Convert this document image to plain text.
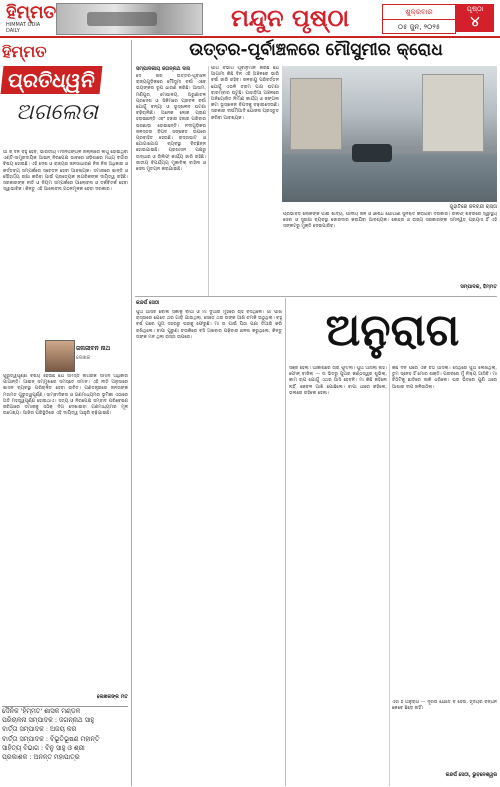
ହିମ୍ମତ
HIMMAT ODIA DAILY	ମନ୍ଦୁନ ପୃଷ୍ଠା	ଶୁକ୍ରବାର
୦୫ ଜୁନ, ୨୦୨୫
ପୃଷ୍ଠା
୪
ହିମ୍ମତ
ପ୍ରତିଧ୍ୱନି
ଅଗଲେତା
ଆ ଜ୍ ଦିନ ବହୁ ହେବ, ଭାରତୀୟ ମଦନପିଙ୍ଗଳ ଜିଲ୍ଲାରେ ଲାଗୁ ହୋଇଥିବା ଏଣ୍ଟି-ସାମ୍ପ୍ରଦାୟିକ ଆଇନ୍ ନିରପେକ୍ଷ ଭାବରେ ଓଡ଼ିଶାରେ ମଧ୍ୟ ଚର୍ଚ୍ଚାର ବିଷୟ ହୋଇଛି। ଏହି ଦେଶ ଓ ରାଜ୍ୟର ଜନସାଧାରଣ ନିଜ ନିଜ ଅଧିକାର ଓ କର୍ତ୍ତବ୍ୟ ସମ୍ପର୍କରେ ସଚେତନ ହେବା ଆବଶ୍ୟକ। ସମାଜରେ ଶାନ୍ତି ଓ ସୌହାର୍ଦ୍ଦ୍ୟ ରକ୍ଷା କରିବା ପାଇଁ ପ୍ରତ୍ୟେକ ନାଗରିକଙ୍କ ଦାୟିତ୍ୱ ରହିଛି। ସରକାରଙ୍କ ନୀତି ଓ ନିୟମ ସମ୍ପର୍କରେ ଆଲୋଚନା ଓ ତର୍କବିତର୍କ ହେବା ସ୍ୱାଭାବିକ। କିନ୍ତୁ ଏହି ଆଲୋଚନା ଗଠନମୂଳକ ହେବା ଦରକାର।
ଜନାଜୀବନ ନାଥ
ଲେଖକ
ଗୁରୁତ୍ୱପୂର୍ଣ୍ଣ ବିଷୟ ହେଉଛି ଯେ ସମସ୍ତ ନାଗରିକ ସମାନ ଅଧିକାର ପାଆନ୍ତି। ଆଇନ୍ ସମ୍ମୁଖରେ ସମସ୍ତେ ସମାନ। ଏହି ନୀତି ଅନୁସାରେ ଶାସନ ବ୍ୟବସ୍ଥା ପରିଚାଳିତ ହେବା ଉଚିତ। ଗଣତନ୍ତ୍ରରେ ଜନତାଙ୍କ ମତାମତ ଗୁରୁତ୍ୱପୂର୍ଣ୍ଣ। ସାମ୍ବାଦିକତା ଓ ଗଣମାଧ୍ୟମର ଭୂମିକା ଏଠାରେ ଅତି ମହତ୍ତ୍ୱପୂର୍ଣ୍ଣ ହୋଇଥାଏ। ସତ୍ୟ ଓ ନିରପେକ୍ଷ ସମ୍ବାଦ ପରିବେଷଣ ଜରିଆରେ ସମାଜକୁ ସଠିକ୍ ଦିଗ ଦେଖାଇବା ଗଣମାଧ୍ୟମର ମୂଳ ଉଦ୍ଦେଶ୍ୟ। ଆଜିର ପରିସ୍ଥିତିରେ ଏହି ଦାୟିତ୍ୱ ଆହୁରି ବଢ଼ିଯାଇଛି।
ଲେଖକଙ୍କ ମତ
ଦୈନିକ 'ହିମ୍ମତ' ଶାସକ ମଣ୍ଡଳ
ପରିଚାଳନା ସମ୍ପାଦକ : ଜଗନ୍ନାଥ ସାହୁ
ବାର୍ତ୍ତା ସମ୍ପାଦକ : ଅଜୟ କର
ବାର୍ତ୍ତା ସମ୍ପାଦକ : ବିଭୂତିଭୂଷଣ ମହାନ୍ତି
ସାହିତ୍ୟ ବିଭାଗ : ବିନୁ ସାହୁ ଓ ଶ୍ରୀ
ପ୍ରକାଶକ : ଅନନ୍ତ ମହାପାତ୍ର
ଉତ୍ତର-ପୂର୍ବାଞ୍ଚଳରେ ମୌସୁମୀର କ୍ରୋଧ
ସମ୍ପାଦକୀୟ ଜଗନ୍ନାଥ ଦାସ
ଦେ ଶର ଉତ୍ତର-ପୂର୍ବାଞ୍ଚଳ ରାଜ୍ୟଗୁଡ଼ିକରେ ମୌସୁମୀ ବର୍ଷା ଏବେ ଭୟଙ୍କର ରୂପ ଧାରଣ କରିଛି। ଆସାମ, ମଣିପୁର, ମେଘାଳୟ, ଅରୁଣାଚଳ ପ୍ରଦେଶ ଓ ସିକିମରେ ପ୍ରବଳ ବର୍ଷା ଯୋଗୁଁ ବନ୍ୟା ଓ ଭୂସ୍ଖଳନ ଘଟଣା ବଢ଼ିଚାଲିଛି। ଅନେକ ଲୋକ ପ୍ରାଣ ହରାଇଛନ୍ତି ଏବଂ ହଜାର ହଜାର ପରିବାର ଘରଛାଡ଼ା ହୋଇଛନ୍ତି। ନଦୀଗୁଡ଼ିକର ଜଳସ୍ତର ବିପଦ ସଙ୍କେତ ଉପରେ ପ୍ରବାହିତ ହେଉଛି। ରାସ୍ତାଘାଟ ଓ ଯୋଗାଯୋଗ ବ୍ୟବସ୍ଥା ବିଚ୍ଛିନ୍ନ ହୋଇଯାଇଛି। ପ୍ରଶାସନ ପକ୍ଷରୁ ଉଦ୍ଧାର ଓ ରିଲିଫ୍ କାର୍ଯ୍ୟ ଜାରି ରହିଛି। ଜାତୀୟ ବିପର୍ଯ୍ୟୟ ମୁକାବିଲା ବାହିନୀ ଓ ସେନା ମୁତୟନ କରାଯାଇଛି।
ପାଗ ବିଭାଗ ପୂର୍ବାନୁମାନ କରିଛି ଯେ ଆଗାମୀ କିଛି ଦିନ ଏହି ଅଞ୍ଚଳରେ ଭାରି ବର୍ଷା ଜାରି ରହିବ। ଜଳବାୟୁ ପରିବର୍ତ୍ତନ ଯୋଗୁଁ ଏଭଳି ଚରମ ପାଗ ଘଟଣା ବାରମ୍ବାର ଘଟୁଛି। ପାହାଡ଼ିଆ ଅଞ୍ଚଳରେ ଅନିୟୋଜିତ ନିର୍ମାଣ କାର୍ଯ୍ୟ ଓ ଜଙ୍ଗଲ କଟା ଭୂସ୍ଖଳନ ବିପଦକୁ ବଢ଼ାଇଦେଉଛି। ସରକାର ଦୀର୍ଘମିଆଦି ଯୋଜନା ପ୍ରସ୍ତୁତ କରିବା ଆବଶ୍ୟକ।
ଗୁହାଟିରେ ଜଳବନ୍ଦୀ ରାସ୍ତା
ପ୍ରଭାବିତ ଲୋକଙ୍କ ପାଇଁ ଖାଦ୍ୟ, ପାନୀୟ ଜଳ ଓ ଔଷଧ ଯୋଗାଣ ସୁନିଶ୍ଚିତ କରାଯିବା ଦରକାର। ରିଲିଫ୍ ଶିବିରରେ ସ୍ୱାସ୍ଥ୍ୟ ସେବା ଓ ସୁରକ୍ଷା ବ୍ୟବସ୍ଥା ଜୋରଦାର କରାଯିବା ଆବଶ୍ୟକ। କେନ୍ଦ୍ର ଓ ରାଜ୍ୟ ସରକାରଙ୍କ ସମନ୍ୱିତ ପ୍ରୟାସ ହିଁ ଏହି ସଙ୍କଟରୁ ମୁକ୍ତି ଦେଇପାରିବ।
ସମ୍ପାଦକ, ହିମ୍ମତ
କନ୍ଦର୍ପ ସେଠୀ
ପୁଅ ଆସିବ ବୋଲି ସକାଳୁ ବାପା ଓ ମା ଦୁଆର ମୁହଁରେ ଚାହିଁ ବସିଥିଲେ। ଗାଁ ପାଖ ରାସ୍ତାରେ ଯେତେ ଥର ଗାଡ଼ି ଯାଉଥିଲା, ସେତେ ଥର ତାଙ୍କ ଆଖି ଚମକି ଉଠୁଥିଲା। ବହୁ ବର୍ଷ ପରେ ପୁଅ ସହରରୁ ଘରକୁ ଫେରୁଛି। ମା ତା ପାଇଁ ପିଠା ପଣା ତିଆରି କରି ରଖିଥିଲେ। ବାପା ପୁରୁଣା ଚଉକିରେ ବସି ଅଖବାର ପଢ଼ିବାର ଛଳନା କରୁଥିଲେ, କିନ୍ତୁ ତାଙ୍କ ମନ ଥିଲା ରାସ୍ତା ଉପରେ।	ଅନୁରାଗ
ସଞ୍ଜ ହେଲା। ଆକାଶରେ ତାରା ଫୁଟିଲା। ପୁଅ ଆସିଲା ନାହିଁ। ଫୋନ୍ ବାଜିଲା — ତା ଭିତରୁ ପୁଅର କଣ୍ଠସ୍ୱର ଶୁଭିଲା, କାମ ଚାପ ଯୋଗୁଁ ଏଥର ଆସି ହେବନି। ମା କିଛି କହିଲେ ନାହିଁ, କେବଳ ଆଖି ପୋଛିଲେ। ବାପା ଧୀରେ କହିଲେ, ଭଲରେ ରହିଲେ ହେଲା।
କିଛି ଦିନ ପରେ ଏକ ଚିଠି ଆସିଲା। ସେଥିରେ ପୁଅ ଲେଖିଥିଲା, ତୁମ ସ୍ନେହ ହିଁ ମୋର ଶକ୍ତି। ପରବରେ ମୁଁ ନିଶ୍ଚୟ ଆସିବି। ମା ଚିଠିଟିକୁ ଛାତିରେ ଜାକି ଧରିଲେ। ଘର ଭିତରେ ପୁଣି ଥରେ ଆଶାର ଦୀପ ଜଳିଉଠିଲା।
ଏହା ହିଁ ଅନୁରାଗ — ଦୂରତା ଯେତେ ବି ହେଉ, ହୃଦୟର ବନ୍ଧନ କେବେ ଛିଡ଼େ ନାହିଁ।
କନ୍ଦର୍ପ ସେଠୀ, ଭୁବନେଶ୍ୱର
